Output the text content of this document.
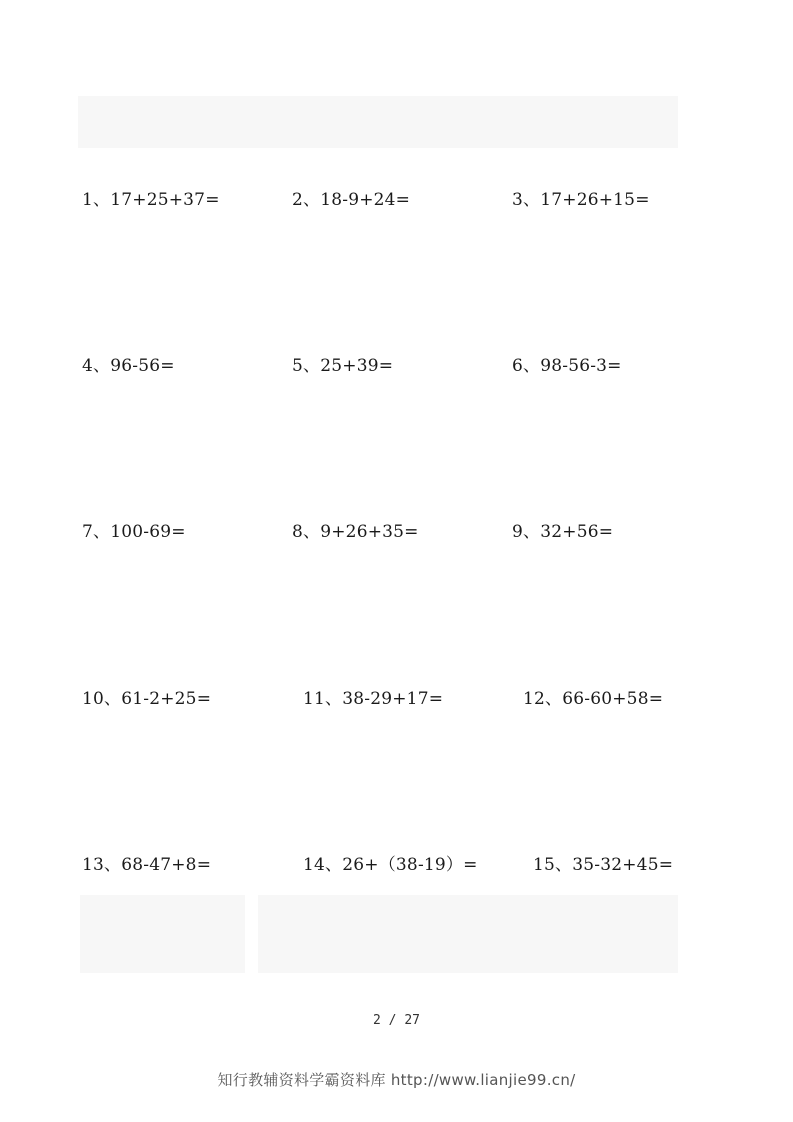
1、17+25+37=	2、18-9+24=	3、17+26+15=
4、96-56=	5、25+39=	6、98-56-3=
7、100-69=	8、9+26+35=	9、32+56=
10、61-2+25=	11、38-29+17=	12、66-60+58=
13、68-47+8=	14、26+（38-19）=	15、35-32+45=
2 / 27
知行教辅资料学霸资料库 http://www.lianjie99.cn/
